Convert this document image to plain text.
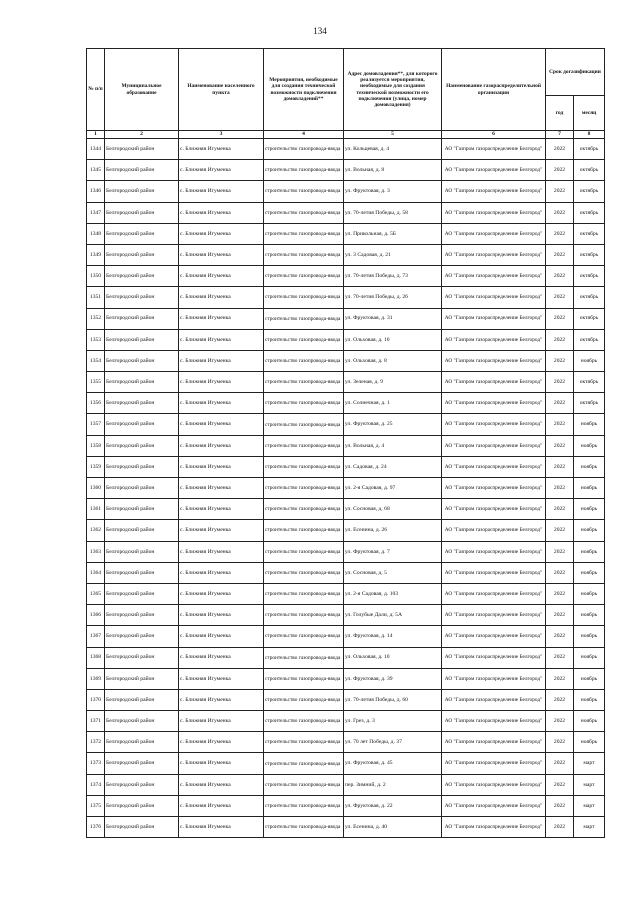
134
№ п/п	Муниципальное образование	Наименование населенного пункта	Мероприятия, необходимые для создания технической возможности подключения домовладений**	Адрес домовладения**, для которого реализуется мероприятия, необходимые для создания технической возможности его подключения (улица, номер домовладения)	Наименование газораспределительной организации	Срок догазификации	
						год	месяц
1	2	3	4	5	6	7	8
1344	Белгородский район	с. Ближняя Игуменка	строительство газопровода-ввода	ул. Кольцевая, д. 4	АО "Газпром газораспределение Белгород"	2022	октябрь
1345	Белгородский район	с. Ближняя Игуменка	строительство газопровода-ввода	ул. Вольная, д. 8	АО "Газпром газораспределение Белгород"	2022	октябрь
1346	Белгородский район	с. Ближняя Игуменка	строительство газопровода-ввода	ул. Фруктовая, д. 3	АО "Газпром газораспределение Белгород"	2022	октябрь
1347	Белгородский район	с. Ближняя Игуменка	строительство газопровода-ввода	ул. 70-летия Победы, д. 58	АО "Газпром газораспределение Белгород"	2022	октябрь
1348	Белгородский район	с. Ближняя Игуменка	строительство газопровода-ввода	ул. Прикольная, д. 5Б	АО "Газпром газораспределение Белгород"	2022	октябрь
1349	Белгородский район	с. Ближняя Игуменка	строительство газопровода-ввода	ул. 3 Садовая, д. 21	АО "Газпром газораспределение Белгород"	2022	октябрь
1350	Белгородский район	с. Ближняя Игуменка	строительство газопровода-ввода	ул. 70-летия Победы, д. 73	АО "Газпром газораспределение Белгород"	2022	октябрь
1351	Белгородский район	с. Ближняя Игуменка	строительство газопровода-ввода	ул. 70-летия Победы, д. 26	АО "Газпром газораспределение Белгород"	2022	октябрь
1352	Белгородский район	с. Ближняя Игуменка	строительство газопровода-ввода	ул. Фруктовая, д. 31	АО "Газпром газораспределение Белгород"	2022	октябрь
1353	Белгородский район	с. Ближняя Игуменка	строительство газопровода-ввода	ул. Ольховая, д. 10	АО "Газпром газораспределение Белгород"	2022	октябрь
1354	Белгородский район	с. Ближняя Игуменка	строительство газопровода-ввода	ул. Ольховая, д. 8	АО "Газпром газораспределение Белгород"	2022	ноябрь
1355	Белгородский район	с. Ближняя Игуменка	строительство газопровода-ввода	ул. Зеленая, д. 9	АО "Газпром газораспределение Белгород"	2022	октябрь
1356	Белгородский район	с. Ближняя Игуменка	строительство газопровода-ввода	ул. Солнечная, д. 1	АО "Газпром газораспределение Белгород"	2022	октябрь
1357	Белгородский район	с. Ближняя Игуменка	строительство газопровода-ввода	ул. Фруктовая, д. 25	АО "Газпром газораспределение Белгород"	2022	ноябрь
1358	Белгородский район	с. Ближняя Игуменка	строительство газопровода-ввода	ул. Вольная, д. 4	АО "Газпром газораспределение Белгород"	2022	ноябрь
1359	Белгородский район	с. Ближняя Игуменка	строительство газопровода-ввода	ул. Садовая, д. 24	АО "Газпром газораспределение Белгород"	2022	ноябрь
1360	Белгородский район	с. Ближняя Игуменка	строительство газопровода-ввода	ул. 2-я Садовая, д. 97	АО "Газпром газораспределение Белгород"	2022	ноябрь
1361	Белгородский район	с. Ближняя Игуменка	строительство газопровода-ввода	ул. Сосновая, д. 68	АО "Газпром газораспределение Белгород"	2022	ноябрь
1362	Белгородский район	с. Ближняя Игуменка	строительство газопровода-ввода	ул. Есенина, д. 26	АО "Газпром газораспределение Белгород"	2022	ноябрь
1363	Белгородский район	с. Ближняя Игуменка	строительство газопровода-ввода	ул. Фруктовая, д. 7	АО "Газпром газораспределение Белгород"	2022	ноябрь
1364	Белгородский район	с. Ближняя Игуменка	строительство газопровода-ввода	ул. Сосновая, д. 5	АО "Газпром газораспределение Белгород"	2022	ноябрь
1365	Белгородский район	с. Ближняя Игуменка	строительство газопровода-ввода	ул. 2-я Садовая, д. 103	АО "Газпром газораспределение Белгород"	2022	ноябрь
1366	Белгородский район	с. Ближняя Игуменка	строительство газопровода-ввода	ул. Голубые Дали, д. 5А	АО "Газпром газораспределение Белгород"	2022	ноябрь
1367	Белгородский район	с. Ближняя Игуменка	строительство газопровода-ввода	ул. Фруктовая, д. 14	АО "Газпром газораспределение Белгород"	2022	ноябрь
1368	Белгородский район	с. Ближняя Игуменка	строительство газопровода-ввода	ул. Ольховая, д. 10	АО "Газпром газораспределение Белгород"	2022	ноябрь
1369	Белгородский район	с. Ближняя Игуменка	строительство газопровода-ввода	ул. Фруктовая, д. 39	АО "Газпром газораспределение Белгород"	2022	ноябрь
1370	Белгородский район	с. Ближняя Игуменка	строительство газопровода-ввода	ул. 70-летия Победы, д. 60	АО "Газпром газораспределение Белгород"	2022	ноябрь
1371	Белгородский район	с. Ближняя Игуменка	строительство газопровода-ввода	ул. Грез, д. 3	АО "Газпром газораспределение Белгород"	2022	ноябрь
1372	Белгородский район	с. Ближняя Игуменка	строительство газопровода-ввода	ул. 70 лет Победы, д. 37	АО "Газпром газораспределение Белгород"	2022	ноябрь
1373	Белгородский район	с. Ближняя Игуменка	строительство газопровода-ввода	ул. Фруктовая, д. 45	АО "Газпром газораспределение Белгород"	2022	март
1374	Белгородский район	с. Ближняя Игуменка	строительство газопровода-ввода	пер. Зимний, д. 2	АО "Газпром газораспределение Белгород"	2022	март
1375	Белгородский район	с. Ближняя Игуменка	строительство газопровода-ввода	ул. Фруктовая, д. 22	АО "Газпром газораспределение Белгород"	2022	март
1376	Белгородский район	с. Ближняя Игуменка	строительство газопровода-ввода	ул. Есенина, д. 40	АО "Газпром газораспределение Белгород"	2022	март
